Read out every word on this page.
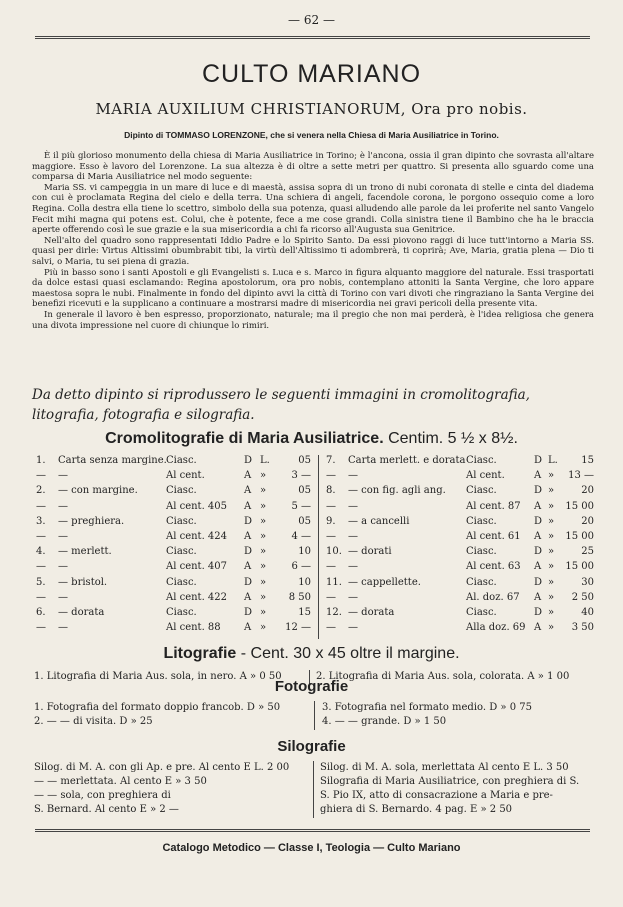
— 62 —
CULTO MARIANO
MARIA AUXILIUM CHRISTIANORUM, Ora pro nobis.
Dipinto di TOMMASO LORENZONE, che si venera nella Chiesa di Maria Ausiliatrice in Torino.

È il più glorioso monumento della chiesa di Maria Ausiliatrice in Torino; è l'ancona, ossia il gran dipinto che sovrasta all'altare maggiore. Esso è lavoro del Lorenzone. La sua altezza è di oltre a sette metri per quattro. Si presenta allo sguardo come una comparsa di Maria Ausiliatrice nel modo seguente:

Maria SS. vi campeggia in un mare di luce e di maestà, assisa sopra di un trono di nubi coronata di stelle e cinta del diadema con cui è proclamata Regina del cielo e della terra. Una schiera di angeli, facendole corona, le porgono ossequio come a loro Regina. Colla destra ella tiene lo scettro, simbolo della sua potenza, quasi alludendo alle parole da lei proferite nel santo Vangelo Fecit mihi magna qui potens est. Colui, che è potente, fece a me cose grandi. Colla sinistra tiene il Bambino che ha le braccia aperte offerendo così le sue grazie e la sua misericordia a chi fa ricorso all'Augusta sua Genitrice.

Nell'alto del quadro sono rappresentati Iddio Padre e lo Spirito Santo. Da essi piovono raggi di luce tutt'intorno a Maria SS. quasi per dirle: Virtus Altissimi obumbrabit tibi, la virtù dell'Altissimo ti adombrerà, ti coprirà; Ave, Maria, gratia plena — Dio ti salvi, o Maria, tu sei piena di grazia.

Più in basso sono i santi Apostoli e gli Evangelisti s. Luca e s. Marco in figura alquanto maggiore del naturale. Essi trasportati da dolce estasi quasi esclamando: Regina apostolorum, ora pro nobis, contemplano attoniti la Santa Vergine, che loro appare maestosa sopra le nubi. Finalmente in fondo del dipinto avvi la città di Torino con vari divoti che ringraziano la Santa Vergine dei benefizi ricevuti e la supplicano a continuare a mostrarsi madre di misericordia nei gravi pericoli della presente vita.

In generale il lavoro è ben espresso, proporzionato, naturale; ma il pregio che non mai perderà, è l'idea religiosa che genera una divota impressione nel cuore di chiunque lo rimiri.

Da detto dipinto si riprodussero le seguenti immagini in cromolitografia, litografia, fotografia e silografia.
Cromolitografie di Maria Ausiliatrice. Centim. 5 ½ x 8½.
1. Carta senza margine. Ciasc.	D L.	05
— —	Al cent.	A »	3 —
2. — con margine.	Ciasc.	A »	05
— —	Al cent. 405 A »	5 —
3. — preghiera.	Ciasc.	D »	05
— —	Al cent. 424 A »	4 —
4. — merlett.	Ciasc.	D »	10
— —	Al cent. 407 A »	6 —
5. — bristol.	Ciasc.	D »	10
— —	Al cent. 422 A » 8 50
6. — dorata	Ciasc.	D »	15
— —	Al cent. 88 A » 12 —
7. Carta merlett. e dorata Ciasc.	D L. 15
— —	Al cent.	A » 13 —
8. — con fig. agli ang. Ciasc.	D »	20
— —	Al cent. 87 A » 15 00
9. — a cancelli	Ciasc.	D »	20
— —	Al cent. 61 A » 15 00
10. — dorati	Ciasc.	D »	25
— —	Al cent. 63 A » 15 00
11. — cappellette.	Ciasc.	D »	30
— —	Al. doz. 67 A » 2 50
12. — dorata	Ciasc.	D »	40
— —	Alla doz. 69 A » 3 50
Litografie - Cent. 30 x 45 oltre il margine.
1. Litografia di Maria Aus. sola, in nero. A » 0 50	2. Litografia di Maria Aus. sola, colorata. A » 1 00
Fotografie
1. Fotografia del formato doppio francob. D » 50
2. — — di visita. D » 25
3. Fotografia nel formato medio. D » 0 75
4. — — grande. D » 1 50
Silografie
Silog. di M. A. con gli Ap. e pre. Al cento E L. 2 00
— — merlettata. Al cento E » 3 50
— — sola, con preghiera di
S. Bernard. Al cento E » 2 —
Silog. di M. A. sola, merlettata Al cento E L. 3 50
Silografia di Maria Ausiliatrice, con preghiera di S.
S. Pio IX, atto di consacrazione a Maria e pre-
ghiera di S. Bernardo. 4 pag. E » 2 50
Catalogo Metodico — Classe I, Teologia — Culto Mariano
